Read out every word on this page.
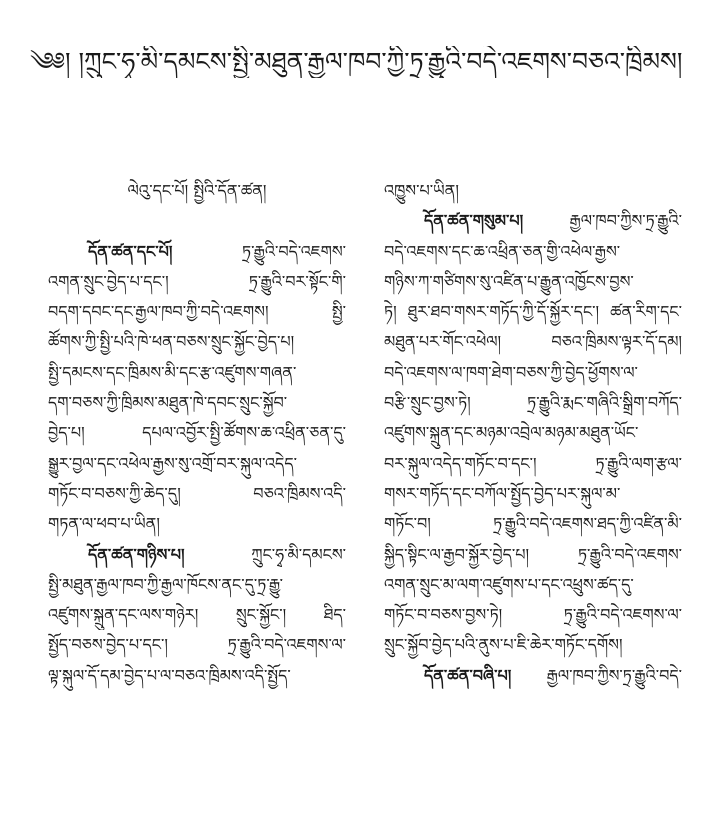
༄༅། །ཀྲུང་ཧྭ་མི་དམངས་སྤྱི་མཐུན་རྒྱལ་ཁབ་ཀྱི་ཏྲ་རྒྱུའི་བདེ་འཇགས་བཅའ་ཁྲིམས།
ལེའུ་དང་པོ། སྤྱིའི་དོན་ཚན།
དོན་ཚན་དང་པོ། ཏྲ་རྒྱུའི་བདེ་འཇགས་
འགན་སྲུང་བྱེད་པ་དང་། ཏྲ་རྒྱུའི་བར་སྟོང་གི་
བདག་དབང་དང་རྒྱལ་ཁབ་ཀྱི་བདེ་འཇགས། སྤྱི་
ཚོགས་ཀྱི་སྤྱི་པའི་ཁེ་ཕན་བཅས་སྲུང་སྐྱོང་བྱེད་པ།
སྤྱི་དམངས་དང་ཁྲིམས་མི་དང་རྩ་འཛུགས་གཞན་
དག་བཅས་ཀྱི་ཁྲིམས་མཐུན་ཁེ་དབང་སྲུང་སྐྱོབ་
བྱེད་པ། དཔལ་འབྱོར་སྤྱི་ཚོགས་ཆ་འཕྲིན་ཅན་དུ་
སྒྱུར་བྱལ་དང་འཕེལ་རྒྱས་སུ་འགྲོ་བར་སྐུལ་འདེད་
གཏོང་བ་བཅས་ཀྱི་ཆེད་དུ། བཅའ་ཁྲིམས་འདི་
གཏན་ལ་ཕབ་པ་ཡིན།
དོན་ཚན་གཉིས་པ། ཀྲུང་ཧྭ་མི་དམངས་
སྤྱི་མཐུན་རྒྱལ་ཁབ་ཀྱི་རྒྱལ་ཁོངས་ནང་དུ་ཏྲ་རྒྱུ་
འཛུགས་སྐྲུན་དང་ལས་གཉེར། སྲུང་སྐྱོང་། ཐིད་
སྤྱོད་བཅས་བྱེད་པ་དང་། ཏྲ་རྒྱུའི་བདེ་འཇགས་ལ་
ལྟ་སྐུལ་དོ་དམ་བྱེད་པ་ལ་བཅའ་ཁྲིམས་འདི་སྤྱོད་
འཁྱུས་པ་ཡིན།
དོན་ཚན་གསུམ་པ། རྒྱལ་ཁབ་ཀྱིས་ཏྲ་རྒྱུའི་
བདེ་འཇགས་དང་ཆ་འཕྲིན་ཅན་གྱི་འཕེལ་རྒྱས་
གཉིས་ཀ་གཙིགས་སུ་འཛིན་པ་རྒྱུན་འཁྱོངས་བྱས་
ཏེ། ཐུར་ཐབ་གསར་གཏོད་ཀྱི་དོ་སྐྱོར་དང་། ཚན་རིག་དང་
མཐུན་པར་གོང་འཕེལ། བཅའ་ཁྲིམས་ལྟར་དོ་དམ།
བདེ་འཇགས་ལ་ཁག་ཐེག་བཅས་ཀྱི་བྱེད་ཕྱོགས་ལ་
བརྩི་སྲུང་བྱས་ཏེ། ཏྲ་རྒྱུའི་རྨང་གཞིའི་སྒྲིག་བཀོད་
འཛུགས་སྐྲུན་དང་མཉམ་འབྲེལ་མཉམ་མཐུན་ཡོང་
བར་སྐུལ་འདེད་གཏོང་བ་དང་། ཏྲ་རྒྱུའི་ལག་རྩལ་
གསར་གཏོད་དང་བཀོལ་སྤྱོད་བྱེད་པར་སྐུལ་མ་
གཏོང་བ། ཏྲ་རྒྱུའི་བདེ་འཇགས་ཐད་ཀྱི་འཛིན་མི་
སྐྱིད་སྟིང་ལ་རྒྱབ་སྐྱོར་བྱེད་པ། ཏྲ་རྒྱུའི་བདེ་འཇགས་
འགན་སྲུང་མ་ལག་འཛུགས་པ་དང་འཕྲུས་ཚད་དུ་
གཏོང་བ་བཅས་བྱས་ཏེ། ཏྲ་རྒྱུའི་བདེ་འཇགས་ལ་
སྲུང་སྐྱོབ་བྱེད་པའི་ནུས་པ་ཇི་ཆེར་གཏོང་དགོས།
དོན་ཚན་བཞི་པ། རྒྱལ་ཁབ་ཀྱིས་ཏྲ་རྒྱུའི་བདེ་
